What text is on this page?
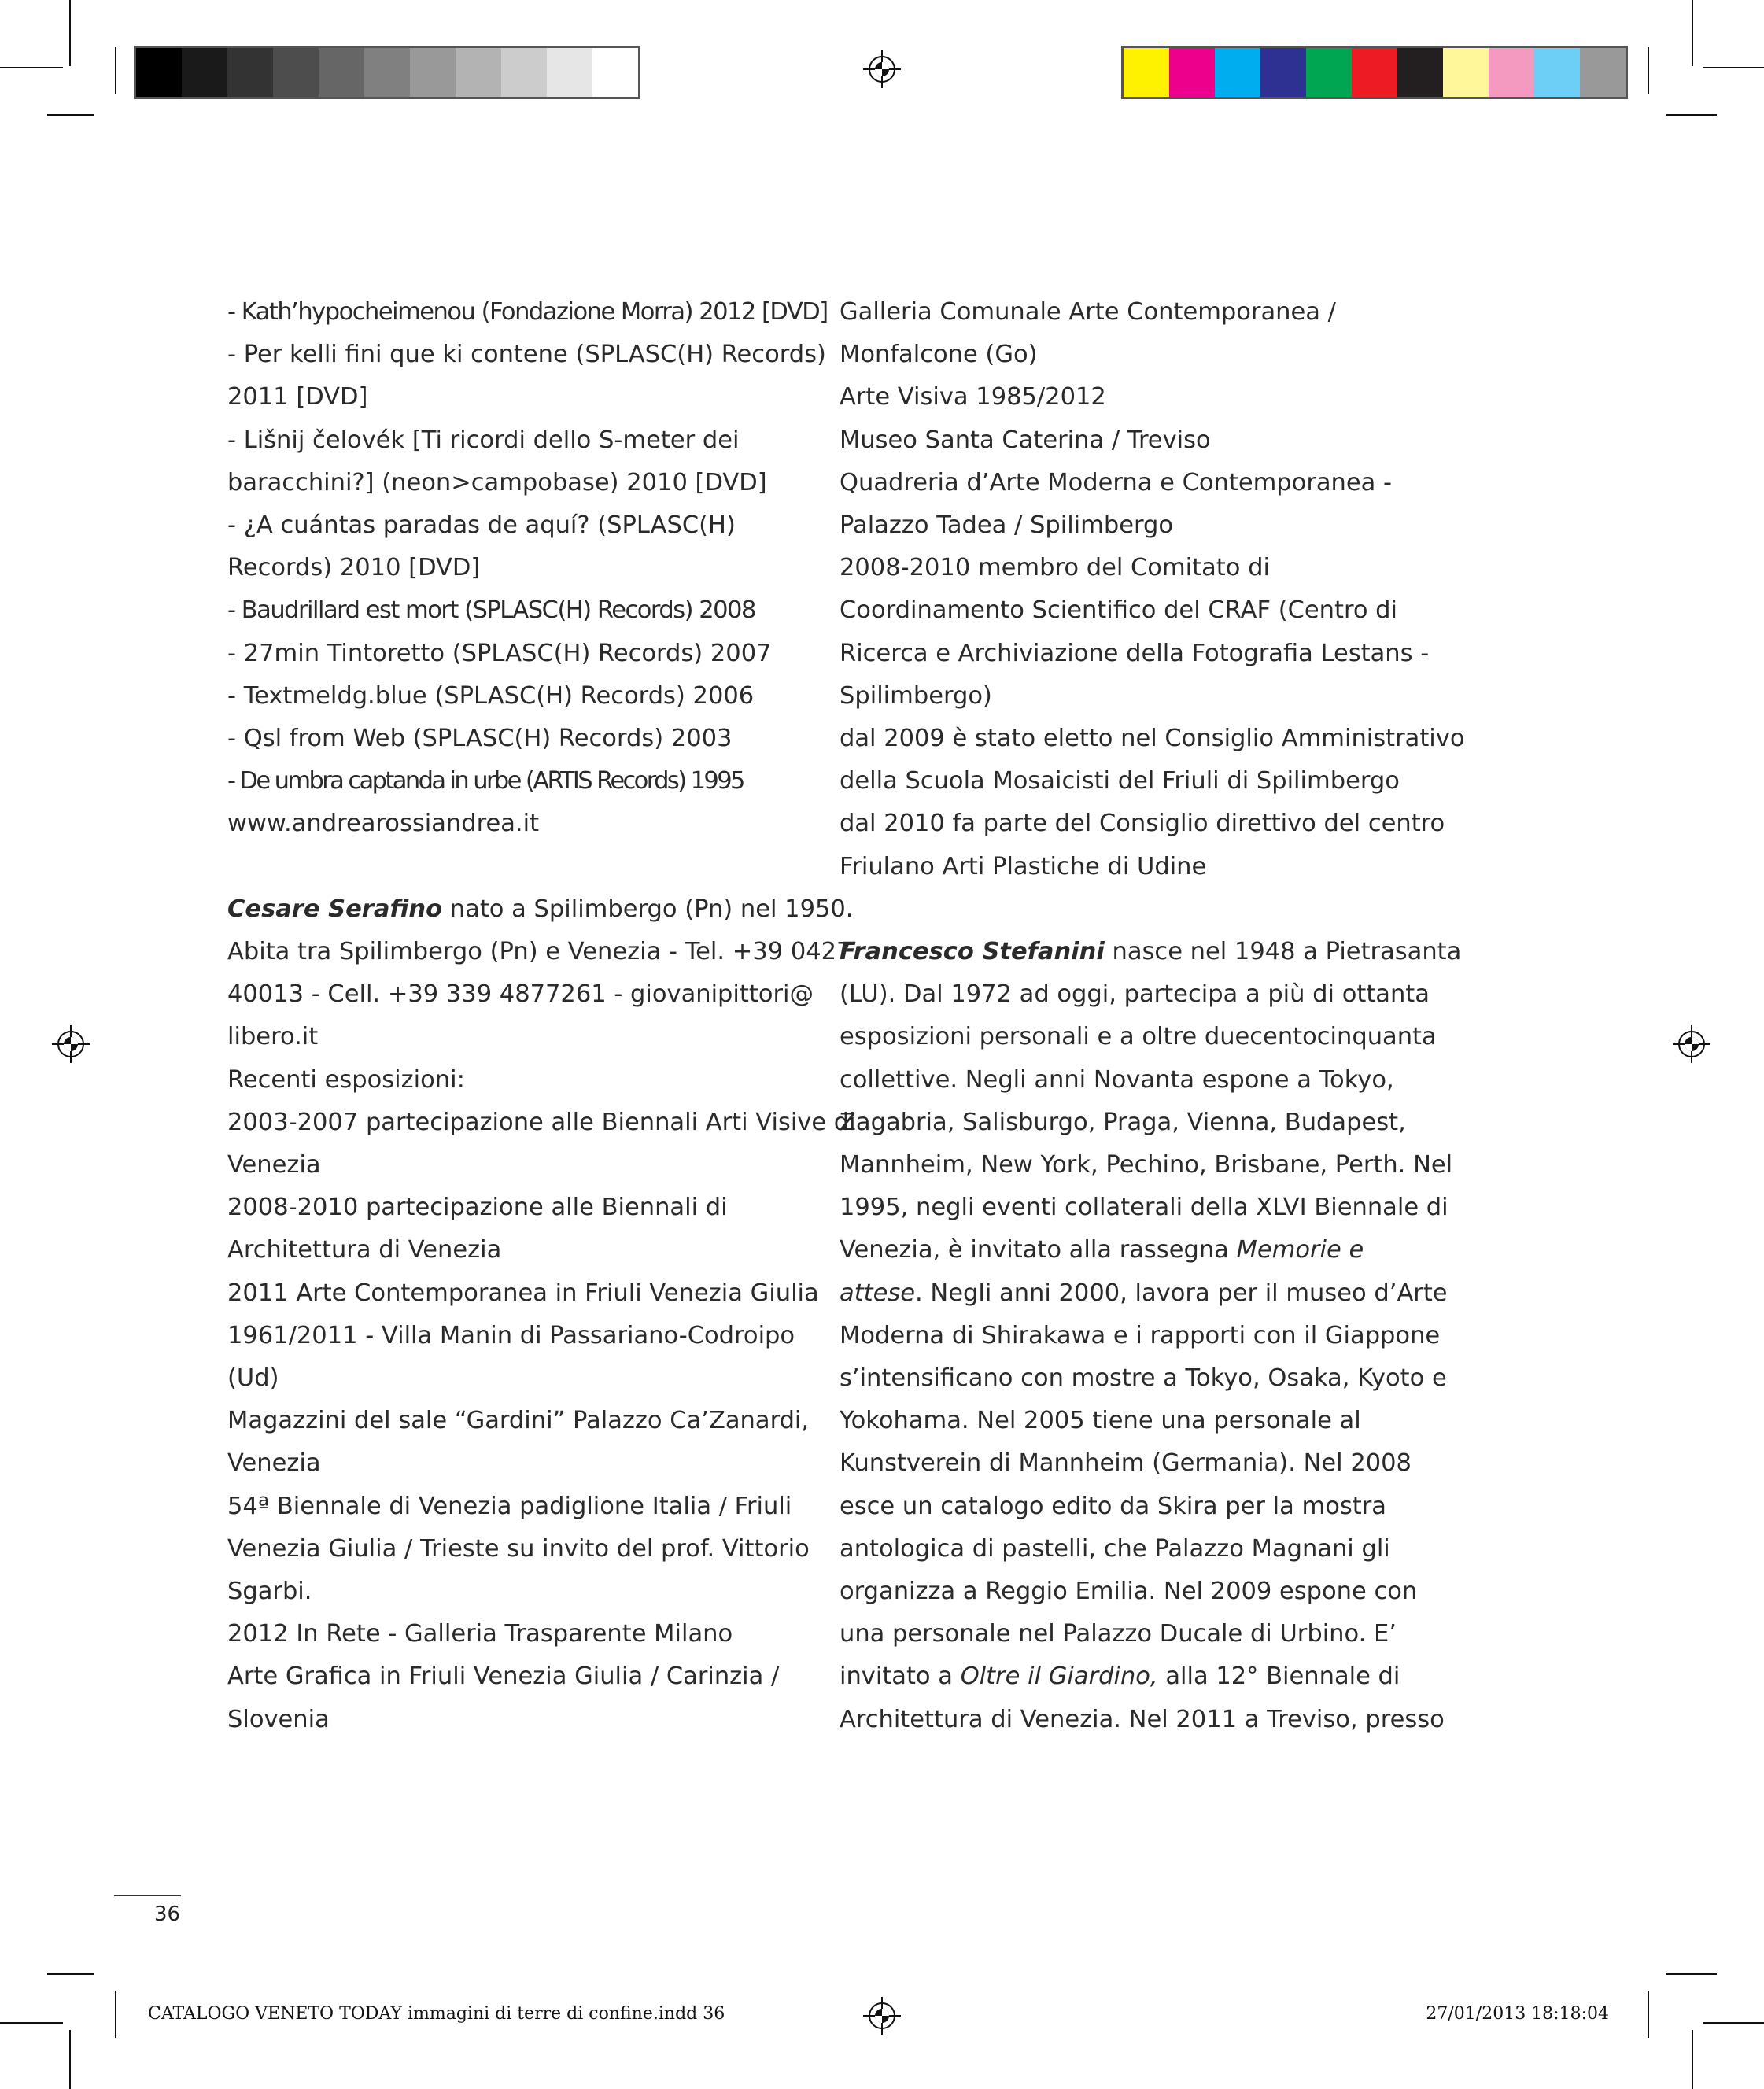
- Kath’hypocheimenou (Fondazione Morra) 2012 [DVD]
- Per kelli fini que ki contene (SPLASC(H) Records)
2011 [DVD]
- Lišnij čelovék [Ti ricordi dello S-meter dei
baracchini?] (neon>campobase) 2010 [DVD]
- ¿A cuántas paradas de aquí? (SPLASC(H)
Records) 2010 [DVD]
- Baudrillard est mort (SPLASC(H) Records) 2008
- 27min Tintoretto (SPLASC(H) Records) 2007
- Textmeldg.blue (SPLASC(H) Records) 2006
- Qsl from Web (SPLASC(H) Records) 2003
- De umbra captanda in urbe (ARTIS Records) 1995
www.andrearossiandrea.it
Cesare Serafino nato a Spilimbergo (Pn) nel 1950.
Abita tra Spilimbergo (Pn) e Venezia - Tel. +39 0427
40013 - Cell. +39 339 4877261 - giovanipittori@
libero.it
Recenti esposizioni:
2003-2007 partecipazione alle Biennali Arti Visive di
Venezia
2008-2010 partecipazione alle Biennali di
Architettura di Venezia
2011 Arte Contemporanea in Friuli Venezia Giulia
1961/2011 - Villa Manin di Passariano-Codroipo
(Ud)
Magazzini del sale “Gardini” Palazzo Ca’Zanardi,
Venezia
54ª Biennale di Venezia padiglione Italia / Friuli
Venezia Giulia / Trieste su invito del prof. Vittorio
Sgarbi.
2012 In Rete - Galleria Trasparente Milano
Arte Grafica in Friuli Venezia Giulia / Carinzia /
Slovenia
Galleria Comunale Arte Contemporanea /
Monfalcone (Go)
Arte Visiva 1985/2012
Museo Santa Caterina / Treviso
Quadreria d’Arte Moderna e Contemporanea -
Palazzo Tadea / Spilimbergo
2008-2010 membro del Comitato di
Coordinamento Scientifico del CRAF (Centro di
Ricerca e Archiviazione della Fotografia Lestans -
Spilimbergo)
dal 2009 è stato eletto nel Consiglio Amministrativo
della Scuola Mosaicisti del Friuli di Spilimbergo
dal 2010 fa parte del Consiglio direttivo del centro
Friulano Arti Plastiche di Udine
Francesco Stefanini nasce nel 1948 a Pietrasanta
(LU). Dal 1972 ad oggi, partecipa a più di ottanta
esposizioni personali e a oltre duecentocinquanta
collettive. Negli anni Novanta espone a Tokyo,
Zagabria, Salisburgo, Praga, Vienna, Budapest,
Mannheim, New York, Pechino, Brisbane, Perth. Nel
1995, negli eventi collaterali della XLVI Biennale di
Venezia, è invitato alla rassegna Memorie e
attese. Negli anni 2000, lavora per il museo d’Arte
Moderna di Shirakawa e i rapporti con il Giappone
s’intensificano con mostre a Tokyo, Osaka, Kyoto e
Yokohama. Nel 2005 tiene una personale al
Kunstverein di Mannheim (Germania). Nel 2008
esce un catalogo edito da Skira per la mostra
antologica di pastelli, che Palazzo Magnani gli
organizza a Reggio Emilia. Nel 2009 espone con
una personale nel Palazzo Ducale di Urbino. E’
invitato a Oltre il Giardino, alla 12° Biennale di
Architettura di Venezia. Nel 2011 a Treviso, presso
36
CATALOGO VENETO TODAY immagini di terre di confine.indd 36	27/01/2013 18:18:04
